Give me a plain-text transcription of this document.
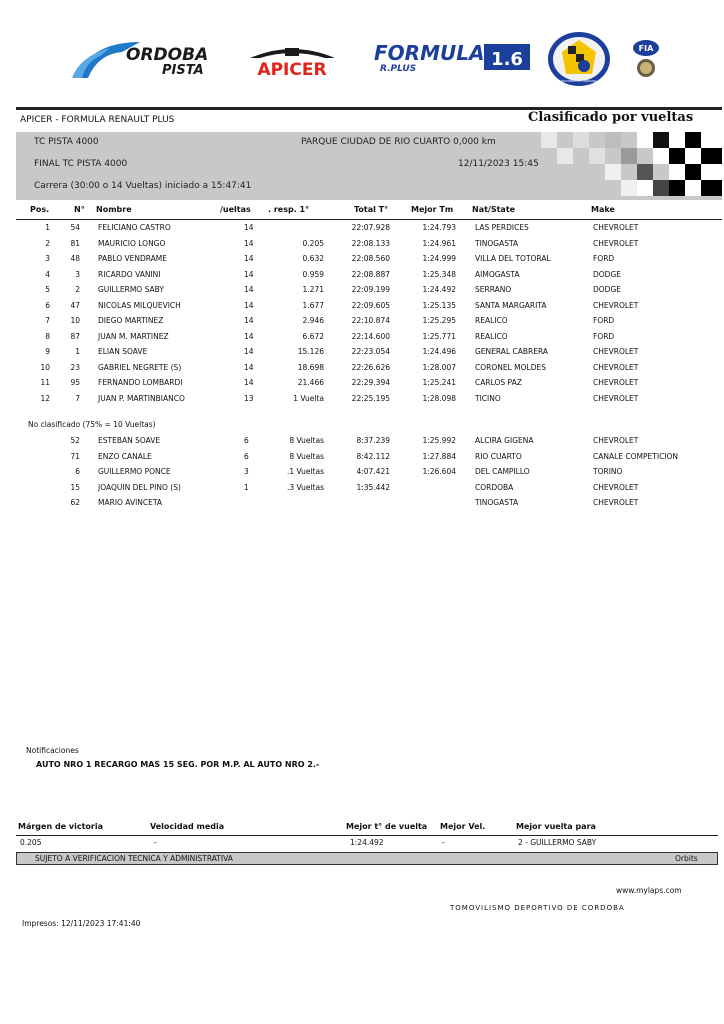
ORDOBA
PISTA	APICER
FORMULA
R.PLUS	1.6
MOVIMIENTO CORDOBA
FIA
APICER - FORMULA RENAULT PLUS	Clasificado por vueltas
TC PISTA 4000	PARQUE CIUDAD DE RIO CUARTO 0,000 km
FINAL TC PISTA 4000	12/11/2023 15:45
Carrera (30:00 o 14 Vueltas) iniciado a 15:47:41
Pos.	N° Nombre	/ueltas . resp. 1°	Total T°	Mejor Tm Nat/State	Make
1	54 FELICIANO CASTRO	14	22:07.928	1:24.793	LAS PERDICES	CHEVROLET
2	81 MAURICIO LONGO	14	0.205	22:08.133	1:24.961	TINOGASTA	CHEVROLET
3	48 PABLO VENDRAME	14	0.632	22:08.560	1:24.999	VILLA DEL TOTORAL	FORD
4	3 RICARDO VANINI	14	0.959	22:08.887	1:25.348	AIMOGASTA	DODGE
5	2 GUILLERMO SABY	14	1.271	22:09.199	1:24.492	SERRANO	DODGE
6	47 NICOLAS MILQUEVICH	14	1.677	22:09.605	1:25.135	SANTA MARGARITA	CHEVROLET
7	10 DIEGO MARTINEZ	14	2.946	22:10.874	1:25.295	REALICO	FORD
8	87 JUAN M. MARTINEZ	14	6.672	22:14.600	1:25.771	REALICO	FORD
9	1 ELIAN SOAVE	14	15.126	22:23.054	1:24.496	GENERAL CABRERA	CHEVROLET
10	23 GABRIEL NEGRETE (S)	14	18.698	22:26.626	1:28.007	CORONEL MOLDES	CHEVROLET
11	95 FERNANDO LOMBARDI	14	21.466	22:29.394	1:25.241	CARLOS PAZ	CHEVROLET
12	7 JUAN P. MARTINBIANCO	13	1 Vuelta	22:25.195	1:28.098	TICINO	CHEVROLET
No clasificado (75% = 10 Vueltas)
52 ESTEBAN SOAVE	6	8 Vueltas	8:37.239	1:25.992	ALCIRA GIGENA	CHEVROLET
71 ENZO CANALE	6	8 Vueltas	8:42.112	1:27.884	RIO CUARTO	CANALE COMPETICION
6 GUILLERMO PONCE	3	.1 Vueltas	4:07.421	1:26.604	DEL CAMPILLO	TORINO
15 JOAQUIN DEL PINO (S)	1	.3 Vueltas	1:35.442	CORDOBA	CHEVROLET
62 MARIO AVINCETA	TINOGASTA	CHEVROLET
Notificaciones
AUTO NRO 1 RECARGO MAS 15 SEG. POR M.P. AL AUTO NRO 2.-
Márgen de victoria	Velocidad media	Mejor t° de vuelta Mejor Vel.	Mejor vuelta para
0.205	-	1:24.492	-	2 - GUILLERMO SABY
SUJETO A VERIFICACION TECNICA Y ADMINISTRATIVA	Orbits
www.mylaps.com
TOMOVILISMO DEPORTIVO DE CORDOBA
Impresos: 12/11/2023 17:41:40
